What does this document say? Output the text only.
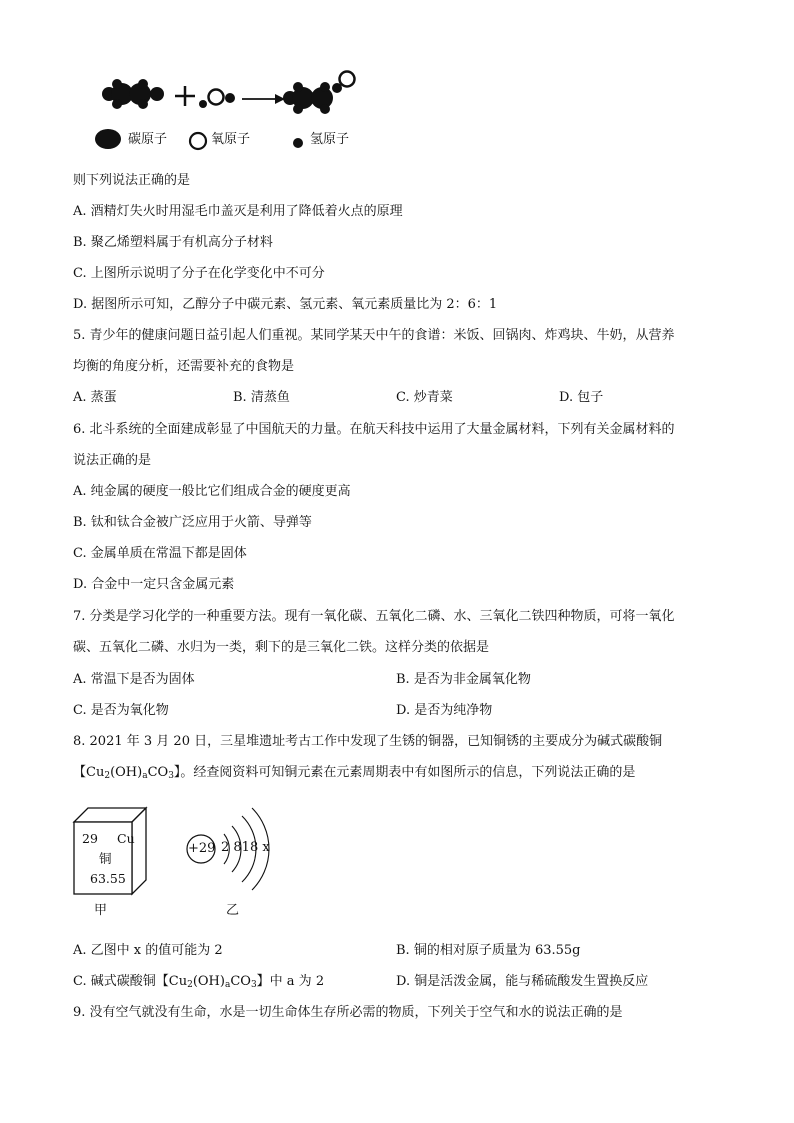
碳原子	氧原子	氢原子
则下列说法正确的是
A. 酒精灯失火时用湿毛巾盖灭是利用了降低着火点的原理
B. 聚乙烯塑料属于有机高分子材料
C. 上图所示说明了分子在化学变化中不可分
D. 据图所示可知，乙醇分子中碳元素、氢元素、氧元素质量比为 2：6：1
5. 青少年的健康问题日益引起人们重视。某同学某天中午的食谱：米饭、回锅肉、炸鸡块、牛奶，从营养
均衡的角度分析，还需要补充的食物是
A. 蒸蛋	B. 清蒸鱼	C. 炒青菜	D. 包子
6. 北斗系统的全面建成彰显了中国航天的力量。在航天科技中运用了大量金属材料，下列有关金属材料的
说法正确的是
A. 纯金属的硬度一般比它们组成合金的硬度更高
B. 钛和钛合金被广泛应用于火箭、导弹等
C. 金属单质在常温下都是固体
D. 合金中一定只含金属元素
7. 分类是学习化学的一种重要方法。现有一氧化碳、五氧化二磷、水、三氧化二铁四种物质，可将一氧化
碳、五氧化二磷、水归为一类，剩下的是三氧化二铁。这样分类的依据是
A. 常温下是否为固体	B. 是否为非金属氧化物
C. 是否为氧化物	D. 是否为纯净物
8. 2021 年 3 月 20 日，三星堆遗址考古工作中发现了生锈的铜器，已知铜锈的主要成分为碱式碳酸铜
【$Cu_2(OH)_aCO_3$】。经查阅资料可知铜元素在元素周期表中有如图所示的信息，下列说法正确的是
29 Cu
铜
63.55
甲
+29 2 818 x
乙
A. 乙图中 x 的值可能为 2	B. 铜的相对原子质量为 63.55g
C. 碱式碳酸铜【$Cu_2(OH)_aCO_3$】中 a 为 2	D. 铜是活泼金属，能与稀硫酸发生置换反应
9. 没有空气就没有生命，水是一切生命体生存所必需的物质，下列关于空气和水的说法正确的是
